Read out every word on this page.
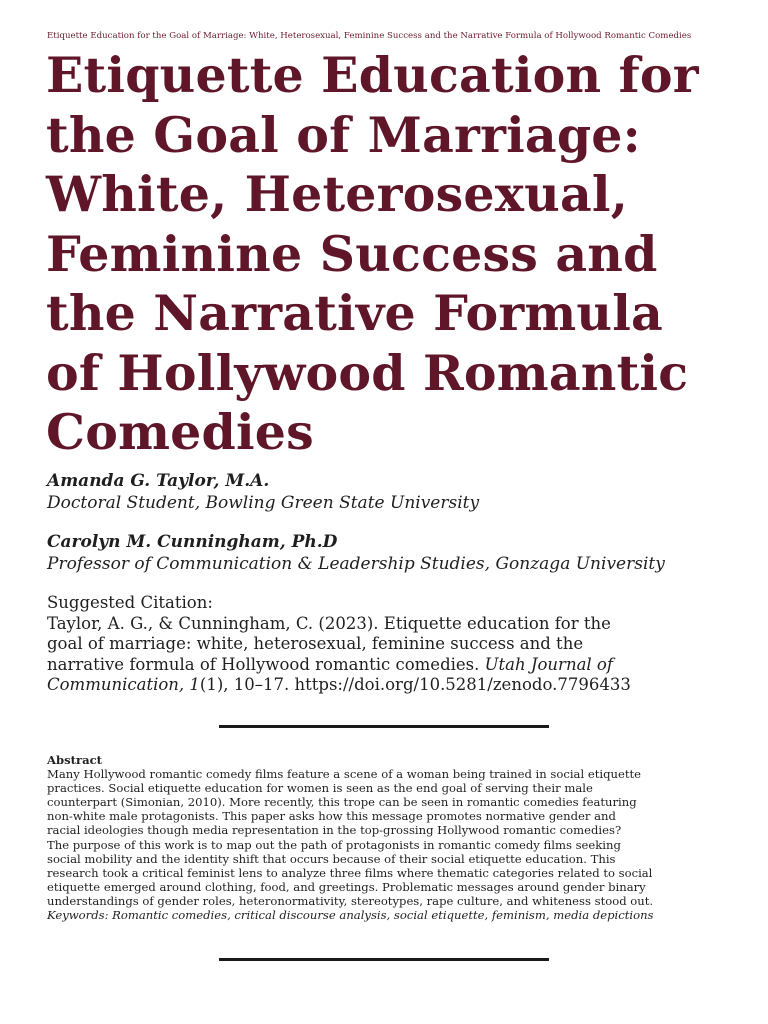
Etiquette Education for the Goal of Marriage: White, Heterosexual, Feminine Success and the Narrative Formula of Hollywood Romantic Comedies
Etiquette Education for
the Goal of Marriage:
White, Heterosexual,
Feminine Success and
the Narrative Formula
of Hollywood Romantic
Comedies
Amanda G. Taylor, M.A.
Doctoral Student, Bowling Green State University
Carolyn M. Cunningham, Ph.D
Professor of Communication & Leadership Studies, Gonzaga University
Suggested Citation:
Taylor, A. G., & Cunningham, C. (2023). Etiquette education for the
goal of marriage: white, heterosexual, feminine success and the
narrative formula of Hollywood romantic comedies. Utah Journal of
Communication, 1(1), 10–17. https://doi.org/10.5281/zenodo.7796433
Abstract
Many Hollywood romantic comedy films feature a scene of a woman being trained in social etiquette
practices. Social etiquette education for women is seen as the end goal of serving their male
counterpart (Simonian, 2010). More recently, this trope can be seen in romantic comedies featuring
non-white male protagonists. This paper asks how this message promotes normative gender and
racial ideologies though media representation in the top-grossing Hollywood romantic comedies?
The purpose of this work is to map out the path of protagonists in romantic comedy films seeking
social mobility and the identity shift that occurs because of their social etiquette education. This
research took a critical feminist lens to analyze three films where thematic categories related to social
etiquette emerged around clothing, food, and greetings. Problematic messages around gender binary
understandings of gender roles, heteronormativity, stereotypes, rape culture, and whiteness stood out.
Keywords: Romantic comedies, critical discourse analysis, social etiquette, feminism, media depictions
